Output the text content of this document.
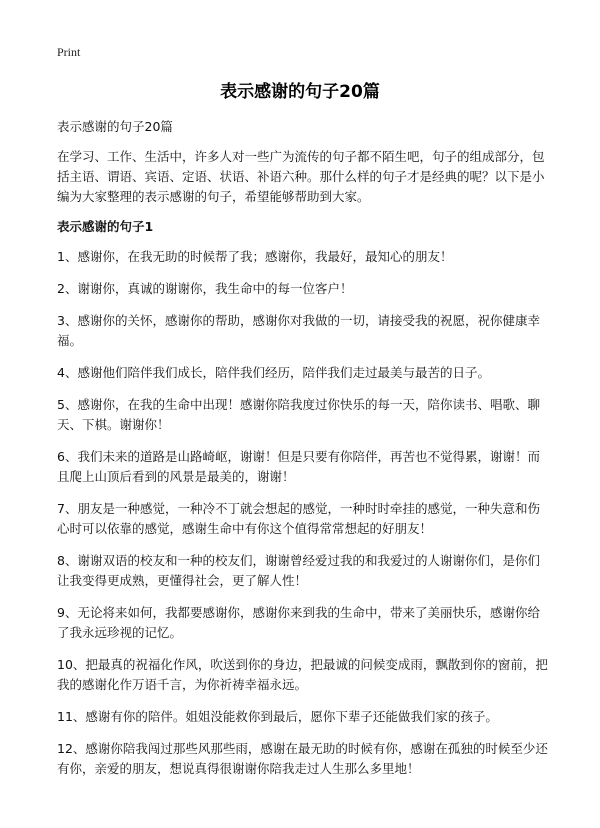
Print
表示感谢的句子20篇

表示感谢的句子20篇

在学习、工作、生活中，许多人对一些广为流传的句子都不陌生吧，句子的组成部分，包括主语、谓语、宾语、定语、状语、补语六种。那什么样的句子才是经典的呢？以下是小编为大家整理的表示感谢的句子，希望能够帮助到大家。

表示感谢的句子1

1、感谢你，在我无助的时候帮了我；感谢你，我最好，最知心的朋友！

2、谢谢你，真诚的谢谢你，我生命中的每一位客户！

3、感谢你的关怀，感谢你的帮助，感谢你对我做的一切，请接受我的祝愿，祝你健康幸福。

4、感谢他们陪伴我们成长，陪伴我们经历，陪伴我们走过最美与最苦的日子。

5、感谢你，在我的生命中出现！感谢你陪我度过你快乐的每一天，陪你读书、唱歌、聊天、下棋。谢谢你！

6、我们未来的道路是山路崎岖，谢谢！但是只要有你陪伴，再苦也不觉得累，谢谢！而且爬上山顶后看到的风景是最美的，谢谢！

7、朋友是一种感觉，一种冷不丁就会想起的感觉，一种时时牵挂的感觉，一种失意和伤心时可以依靠的感觉，感谢生命中有你这个值得常常想起的好朋友！

8、谢谢双语的校友和一种的校友们，谢谢曾经爱过我的和我爱过的人谢谢你们，是你们让我变得更成熟，更懂得社会，更了解人性！

9、无论将来如何，我都要感谢你，感谢你来到我的生命中，带来了美丽快乐，感谢你给了我永远珍视的记忆。

10、把最真的祝福化作风，吹送到你的身边，把最诚的问候变成雨，飘散到你的窗前，把我的感谢化作万语千言，为你祈祷幸福永远。

11、感谢有你的陪伴。姐姐没能救你到最后，愿你下辈子还能做我们家的孩子。

12、感谢你陪我闯过那些风那些雨，感谢在最无助的时候有你，感谢在孤独的时候至少还有你，亲爱的朋友，想说真得很谢谢你陪我走过人生那么多里地！
